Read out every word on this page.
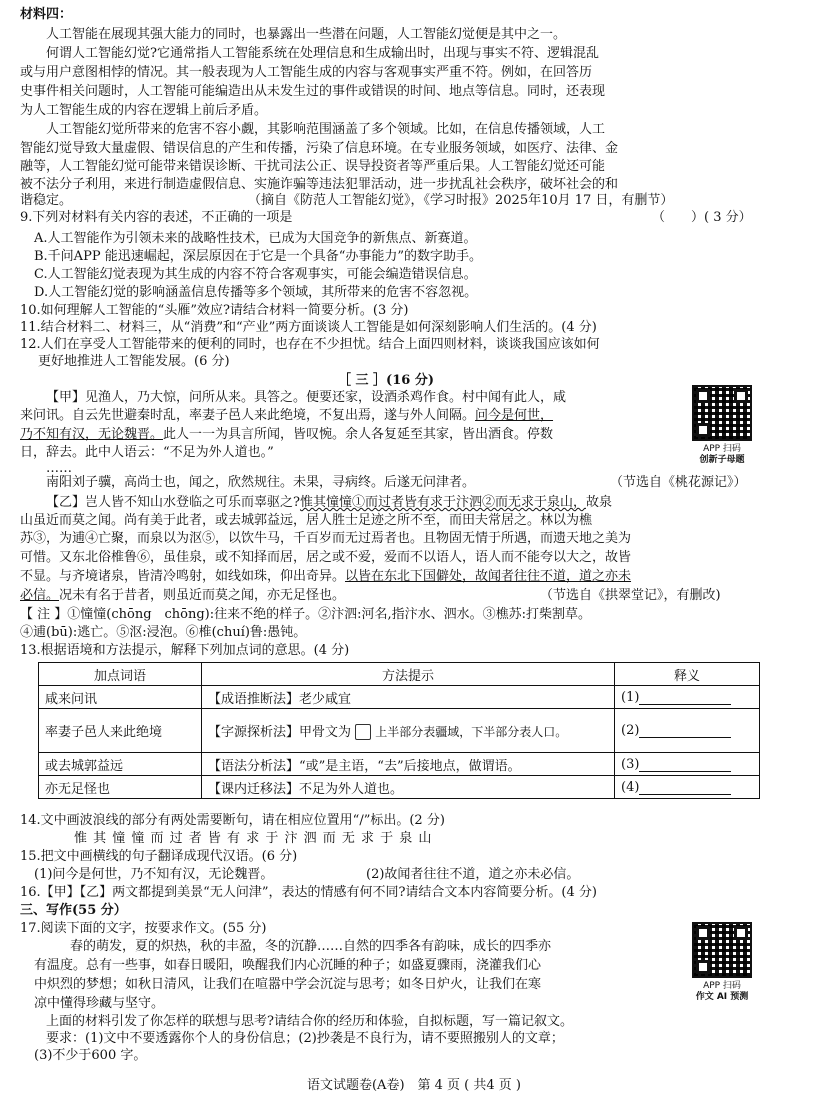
材料四：
人工智能在展现其强大能力的同时，也暴露出一些潜在问题，人工智能幻觉便是其中之一。
何谓人工智能幻觉?它通常指人工智能系统在处理信息和生成输出时，出现与事实不符、逻辑混乱
或与用户意图相悖的情况。其一般表现为人工智能生成的内容与客观事实严重不符。例如，在回答历
史事件相关问题时，人工智能可能编造出从未发生过的事件或错误的时间、地点等信息。同时，还表现
为人工智能生成的内容在逻辑上前后矛盾。
人工智能幻觉所带来的危害不容小觑，其影响范围涵盖了多个领域。比如，在信息传播领域，人工
智能幻觉导致大量虚假、错误信息的产生和传播，污染了信息环境。在专业服务领域，如医疗、法律、金
融等，人工智能幻觉可能带来错误诊断、干扰司法公正、误导投资者等严重后果。人工智能幻觉还可能
被不法分子利用，来进行制造虚假信息、实施诈骗等违法犯罪活动，进一步扰乱社会秩序，破坏社会的和
谐稳定。	（摘自《防范人工智能幻觉》，《学习时报》2025年10月 17 日，有删节）
9.下列对材料有关内容的表述，不正确的一项是	（　　）( 3 分）
A.人工智能作为引领未来的战略性技术，已成为大国竞争的新焦点、新赛道。
B.千问APP 能迅速崛起，深层原因在于它是一个具备“办事能力”的数字助手。
C.人工智能幻觉表现为其生成的内容不符合客观事实，可能会编造错误信息。
D.人工智能幻觉的影响涵盖信息传播等多个领域，其所带来的危害不容忽视。
10.如何理解人工智能的“头雁”效应?请结合材料一简要分析。(3 分)
11.结合材料二、材料三，从“消费”和“产业”两方面谈谈人工智能是如何深刻影响人们生活的。(4 分)
12.人们在享受人工智能带来的便利的同时，也存在不少担忧。结合上面四则材料，谈谈我国应该如何
更好地推进人工智能发展。(6 分)
［ 三 ］(16 分)
【甲】见渔人，乃大惊，问所从来。具答之。便要还家，设酒杀鸡作食。村中闻有此人，咸
来问讯。自云先世避秦时乱，率妻子邑人来此绝境，不复出焉，遂与外人间隔。问今是何世，
乃不知有汉，无论魏晋。此人一一为具言所闻，皆叹惋。余人各复延至其家，皆出酒食。停数
日，辞去。此中人语云：“不足为外人道也。”
……
南阳刘子骥，高尚士也，闻之，欣然规往。未果，寻病终。后遂无问津者。	（节选自《桃花源记》）
APP 扫码
创新子母题
【乙】岂人皆不知山水登临之可乐而辜驱之?惟其憧憧①而过者皆有求于汴泗②而无求于泉山，故泉
山虽近而莫之闻。尚有美于此者，或去城郭益远，居人胜士足迹之所不至，而田夫常居之。林以为樵
苏③，为逋④亡聚，而泉以为沤⑤，以饮牛马，千百岁而无过焉者也。且物固无情于所遇，而遗天地之美为
可惜。又东北俗椎鲁⑥，虽佳泉，或不知择而居，居之或不爱，爱而不以语人，语人而不能夸以大之，故皆
不显。与齐境诸泉，皆清冷鸣射，如线如珠，仰出奇异。以皆在东北下国僻处，故闻者往往不道，道之亦未
必信。况未有名于昔者，则虽近而莫之闻，亦无足怪也。	（节选自《拱翠堂记》，有删改)
【 注 】①憧憧(chōng　chōng):往来不绝的样子。②汴泗:河名,指汴水、泗水。③樵苏:打柴割草。
④逋(bū):逃亡。⑤沤:浸泡。⑥椎(chuí)鲁:愚钝。
13.根据语境和方法提示，解释下列加点词的意思。(4 分)
加点词语	方法提示	释义
咸来问讯	【成语推断法】老少咸宜	(1)
率妻子邑人来此绝境	【字源探析法】甲骨文为 上半部分表疆域，下半部分表人口。	(2)
或去城郭益远	【语法分析法】“或”是主语，“去”后接地点，做谓语。	(3)
亦无足怪也	【课内迁移法】不足为外人道也。	(4)
14.文中画波浪线的部分有两处需要断句，请在相应位置用“/”标出。(2 分)
惟 其 憧 憧 而 过 者 皆 有 求 于 汴 泗 而 无 求 于 泉 山
15.把文中画横线的句子翻译成现代汉语。(6 分)
(1)问今是何世，乃不知有汉，无论魏晋。	(2)故闻者往往不道，道之亦未必信。
16.【甲】【乙】两文都提到美景“无人问津”，表达的情感有何不同?请结合文本内容简要分析。(4 分)
三、写作(55 分）
17.阅读下面的文字，按要求作文。(55 分)
春的萌发，夏的炽热，秋的丰盈，冬的沉静……自然的四季各有韵味，成长的四季亦
有温度。总有一些事，如春日暖阳，唤醒我们内心沉睡的种子；如盛夏骤雨，浇灌我们心
中炽烈的梦想；如秋日清风，让我们在喧嚣中学会沉淀与思考；如冬日炉火，让我们在寒
凉中懂得珍藏与坚守。
上面的材料引发了你怎样的联想与思考?请结合你的经历和体验，自拟标题，写一篇记叙文。
要求：(1)文中不要透露你个人的身份信息；(2)抄袭是不良行为，请不要照搬别人的文章；
(3)不少于600 字。
APP 扫码
作文 AI 预测
语文试题卷(A卷)　第 4 页 ( 共4 页 )
